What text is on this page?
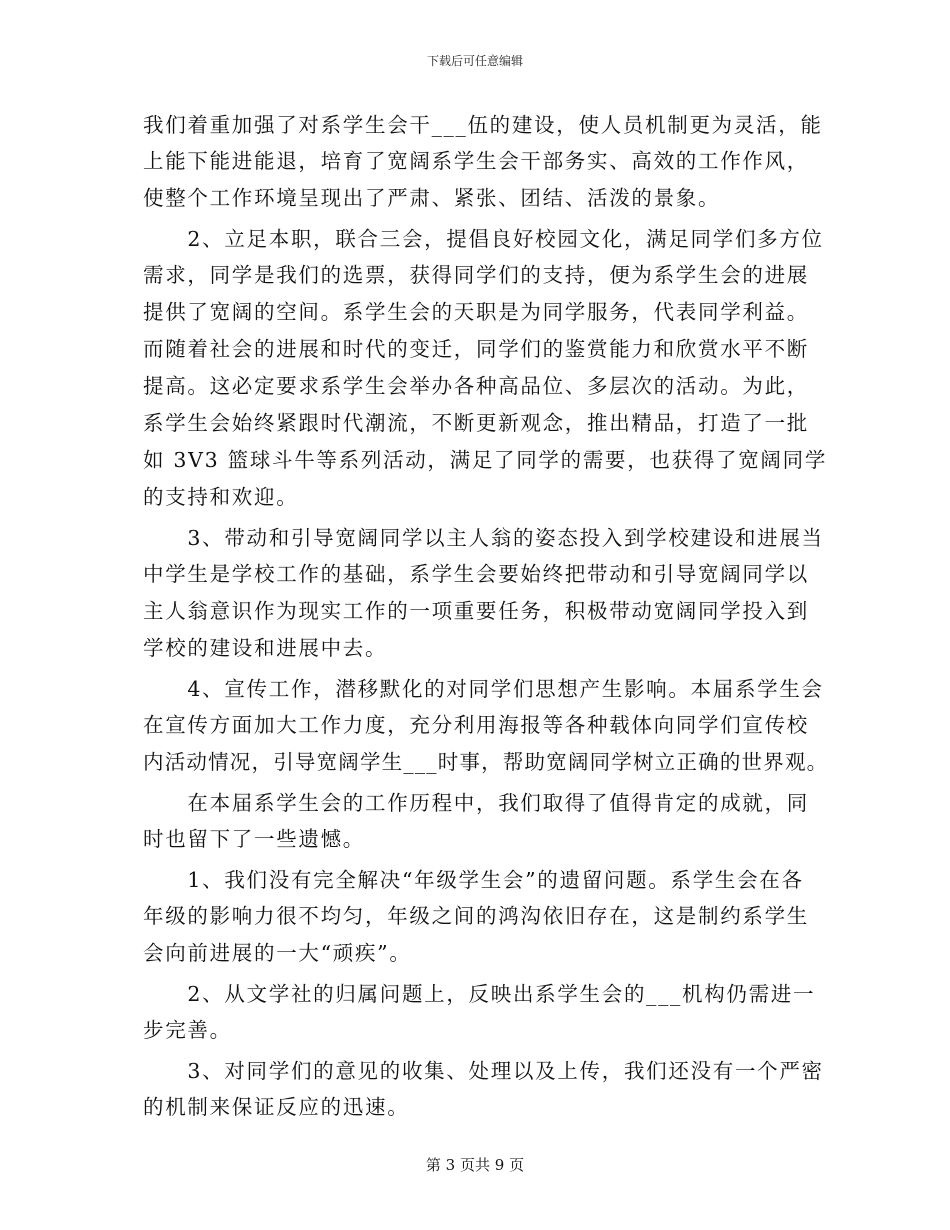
下载后可任意编辑
我们着重加强了对系学生会干___伍的建设，使人员机制更为灵活，能
上能下能进能退，培育了宽阔系学生会干部务实、高效的工作作风，
使整个工作环境呈现出了严肃、紧张、团结、活泼的景象。
　　2、立足本职，联合三会，提倡良好校园文化，满足同学们多方位
需求，同学是我们的选票，获得同学们的支持，便为系学生会的进展
提供了宽阔的空间。系学生会的天职是为同学服务，代表同学利益。
而随着社会的进展和时代的变迁，同学们的鉴赏能力和欣赏水平不断
提高。这必定要求系学生会举办各种高品位、多层次的活动。为此，
系学生会始终紧跟时代潮流，不断更新观念，推出精品，打造了一批
如 3V3 篮球斗牛等系列活动，满足了同学的需要，也获得了宽阔同学
的支持和欢迎。
　　3、带动和引导宽阔同学以主人翁的姿态投入到学校建设和进展当
中学生是学校工作的基础，系学生会要始终把带动和引导宽阔同学以
主人翁意识作为现实工作的一项重要任务，积极带动宽阔同学投入到
学校的建设和进展中去。
　　4、宣传工作，潜移默化的对同学们思想产生影响。本届系学生会
在宣传方面加大工作力度，充分利用海报等各种载体向同学们宣传校
内活动情况，引导宽阔学生___时事，帮助宽阔同学树立正确的世界观。
　　在本届系学生会的工作历程中，我们取得了值得肯定的成就，同
时也留下了一些遗憾。
　　1、我们没有完全解决“年级学生会”的遗留问题。系学生会在各
年级的影响力很不均匀，年级之间的鸿沟依旧存在，这是制约系学生
会向前进展的一大“顽疾”。
　　2、从文学社的归属问题上，反映出系学生会的___机构仍需进一
步完善。
　　3、对同学们的意见的收集、处理以及上传，我们还没有一个严密
的机制来保证反应的迅速。
第 3 页共 9 页
